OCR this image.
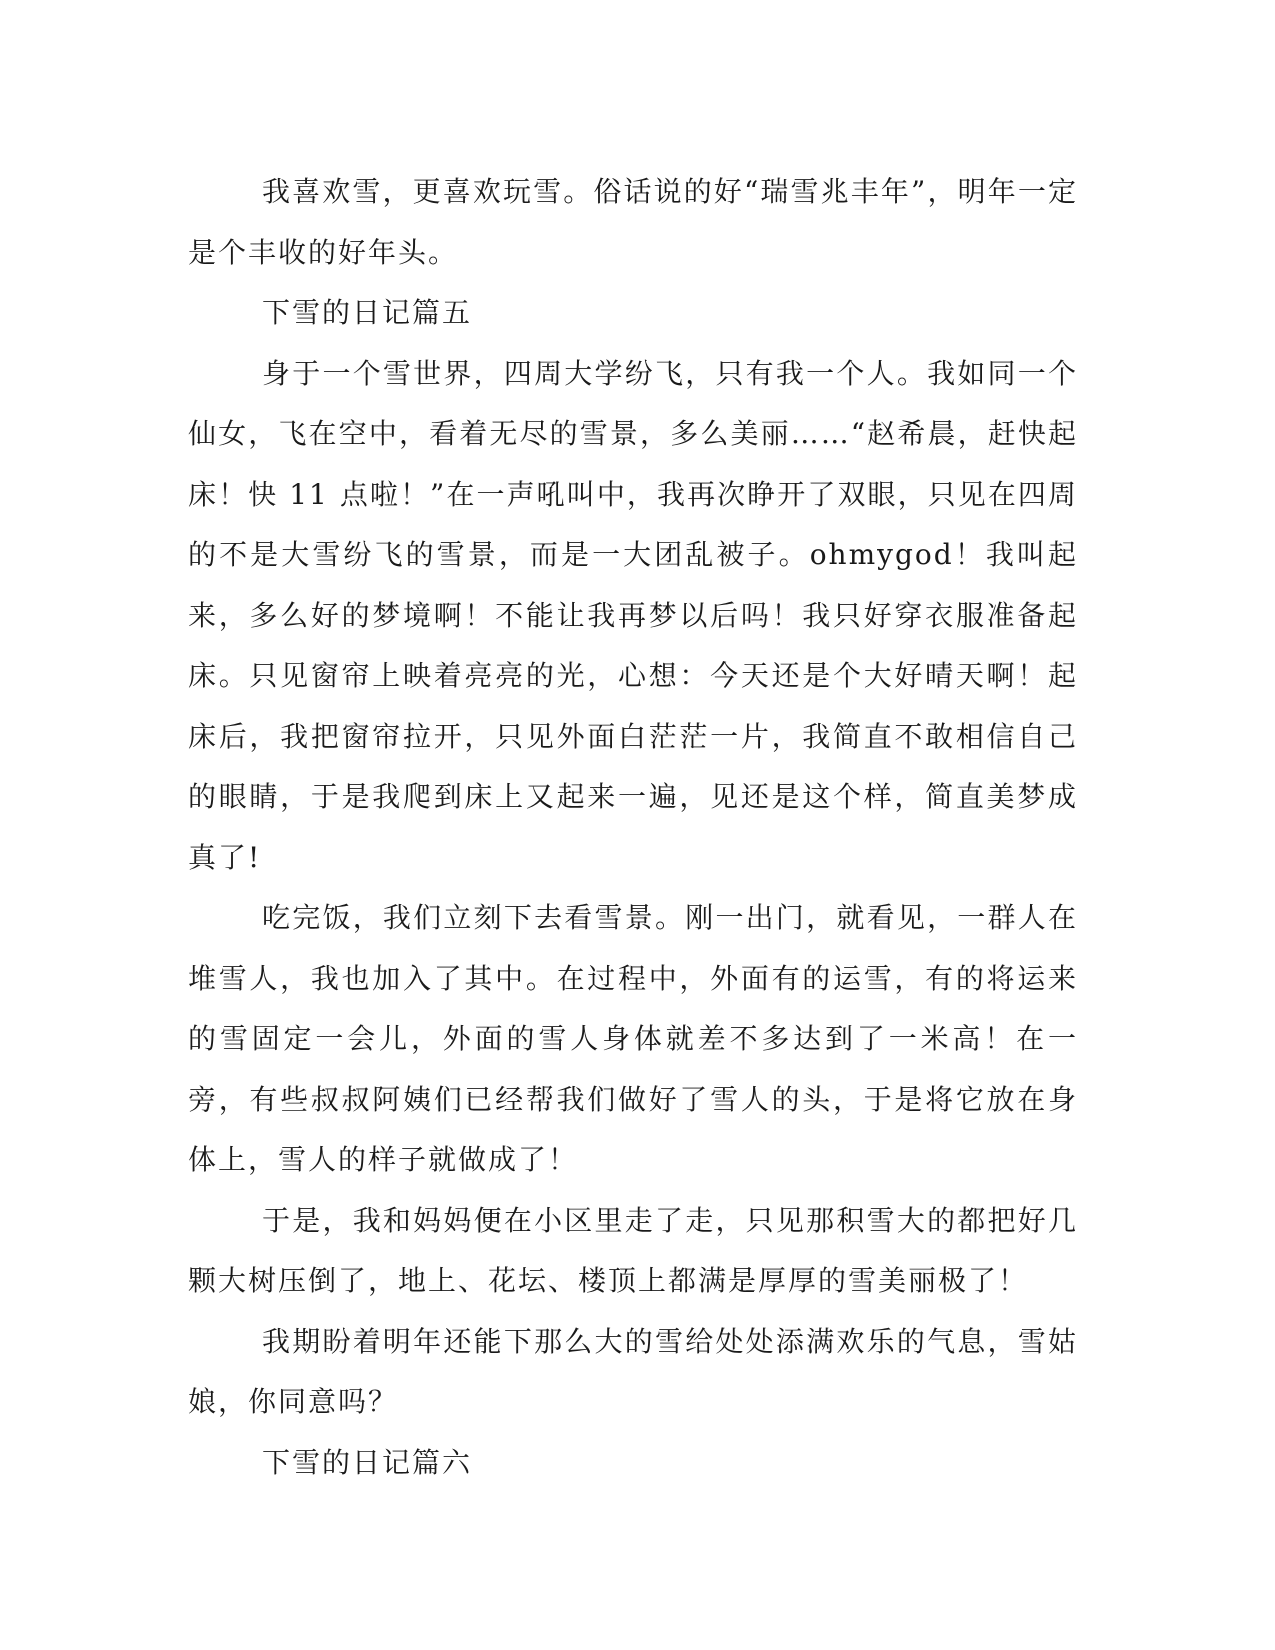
我喜欢雪，更喜欢玩雪。俗话说的好“瑞雪兆丰年”，明年一定是个丰收的好年头。

下雪的日记篇五

身于一个雪世界，四周大学纷飞，只有我一个人。我如同一个仙女，飞在空中，看着无尽的雪景，多么美丽……“赵希晨，赶快起床！快 11 点啦！”在一声吼叫中，我再次睁开了双眼，只见在四周的不是大雪纷飞的雪景，而是一大团乱被子。ohmygod！我叫起来，多么好的梦境啊！不能让我再梦以后吗！我只好穿衣服准备起床。只见窗帘上映着亮亮的光，心想：今天还是个大好晴天啊！起床后，我把窗帘拉开，只见外面白茫茫一片，我简直不敢相信自己的眼睛，于是我爬到床上又起来一遍，见还是这个样，简直美梦成真了!

吃完饭，我们立刻下去看雪景。刚一出门，就看见，一群人在堆雪人，我也加入了其中。在过程中，外面有的运雪，有的将运来的雪固定一会儿，外面的雪人身体就差不多达到了一米高！在一旁，有些叔叔阿姨们已经帮我们做好了雪人的头，于是将它放在身体上，雪人的样子就做成了！

于是，我和妈妈便在小区里走了走，只见那积雪大的都把好几颗大树压倒了，地上、花坛、楼顶上都满是厚厚的雪美丽极了！

我期盼着明年还能下那么大的雪给处处添满欢乐的气息，雪姑娘，你同意吗？

下雪的日记篇六
